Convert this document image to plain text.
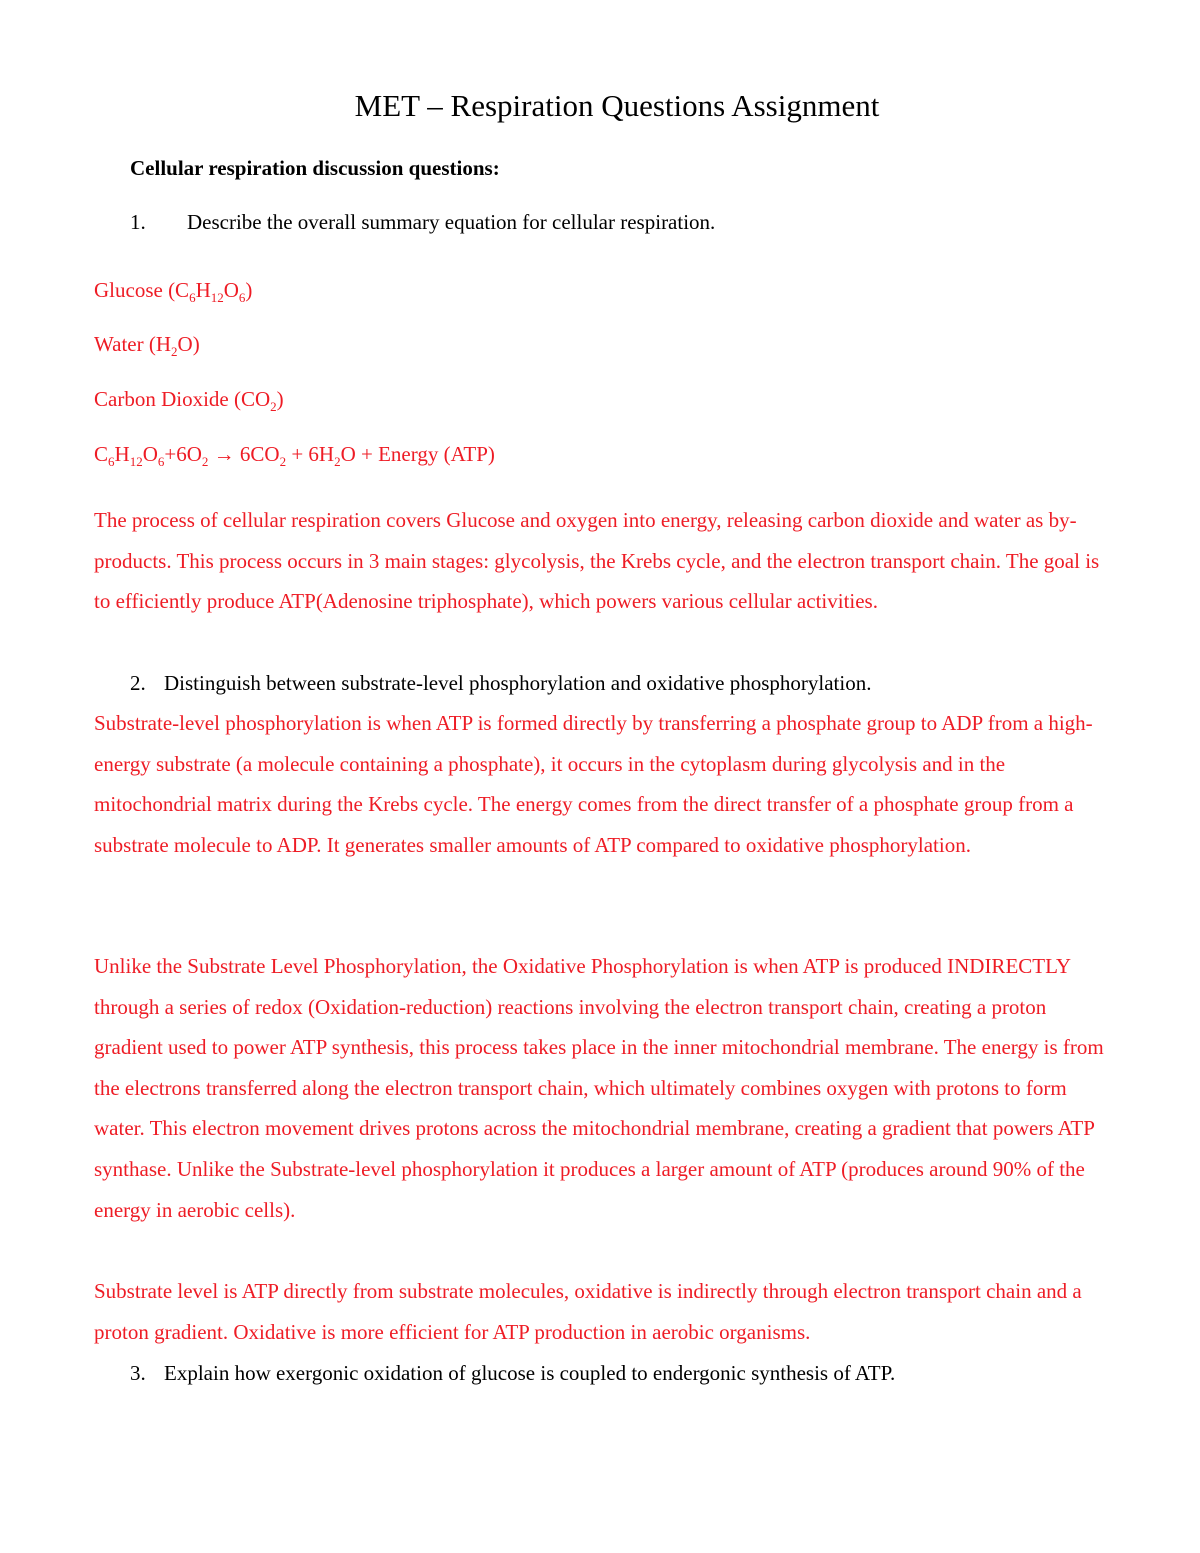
MET – Respiration Questions Assignment

Cellular respiration discussion questions:

1. Describe the overall summary equation for cellular respiration.

Glucose $(C_6H_{12}O_6)$

Water $(H_2O)$

Carbon Dioxide $(CO_2)$

$C_6H_{12}O_6+6O_2 \to 6CO_2 + 6H_2O$ + Energy (ATP)

The process of cellular respiration covers Glucose and oxygen into energy, releasing carbon dioxide and water as by-products. This process occurs in 3 main stages: glycolysis, the Krebs cycle, and the electron transport chain. The goal is to efficiently produce ATP(Adenosine triphosphate), which powers various cellular activities.

2. Distinguish between substrate-level phosphorylation and oxidative phosphorylation.

Substrate-level phosphorylation is when ATP is formed directly by transferring a phosphate group to ADP from a high-energy substrate (a molecule containing a phosphate), it occurs in the cytoplasm during glycolysis and in the mitochondrial matrix during the Krebs cycle. The energy comes from the direct transfer of a phosphate group from a substrate molecule to ADP. It generates smaller amounts of ATP compared to oxidative phosphorylation.

Unlike the Substrate Level Phosphorylation, the Oxidative Phosphorylation is when ATP is produced INDIRECTLY through a series of redox (Oxidation-reduction) reactions involving the electron transport chain, creating a proton gradient used to power ATP synthesis, this process takes place in the inner mitochondrial membrane. The energy is from the electrons transferred along the electron transport chain, which ultimately combines oxygen with protons to form water. This electron movement drives protons across the mitochondrial membrane, creating a gradient that powers ATP synthase. Unlike the Substrate-level phosphorylation it produces a larger amount of ATP (produces around 90% of the energy in aerobic cells).

Substrate level is ATP directly from substrate molecules, oxidative is indirectly through electron transport chain and a proton gradient. Oxidative is more efficient for ATP production in aerobic organisms.

3. Explain how exergonic oxidation of glucose is coupled to endergonic synthesis of ATP.
